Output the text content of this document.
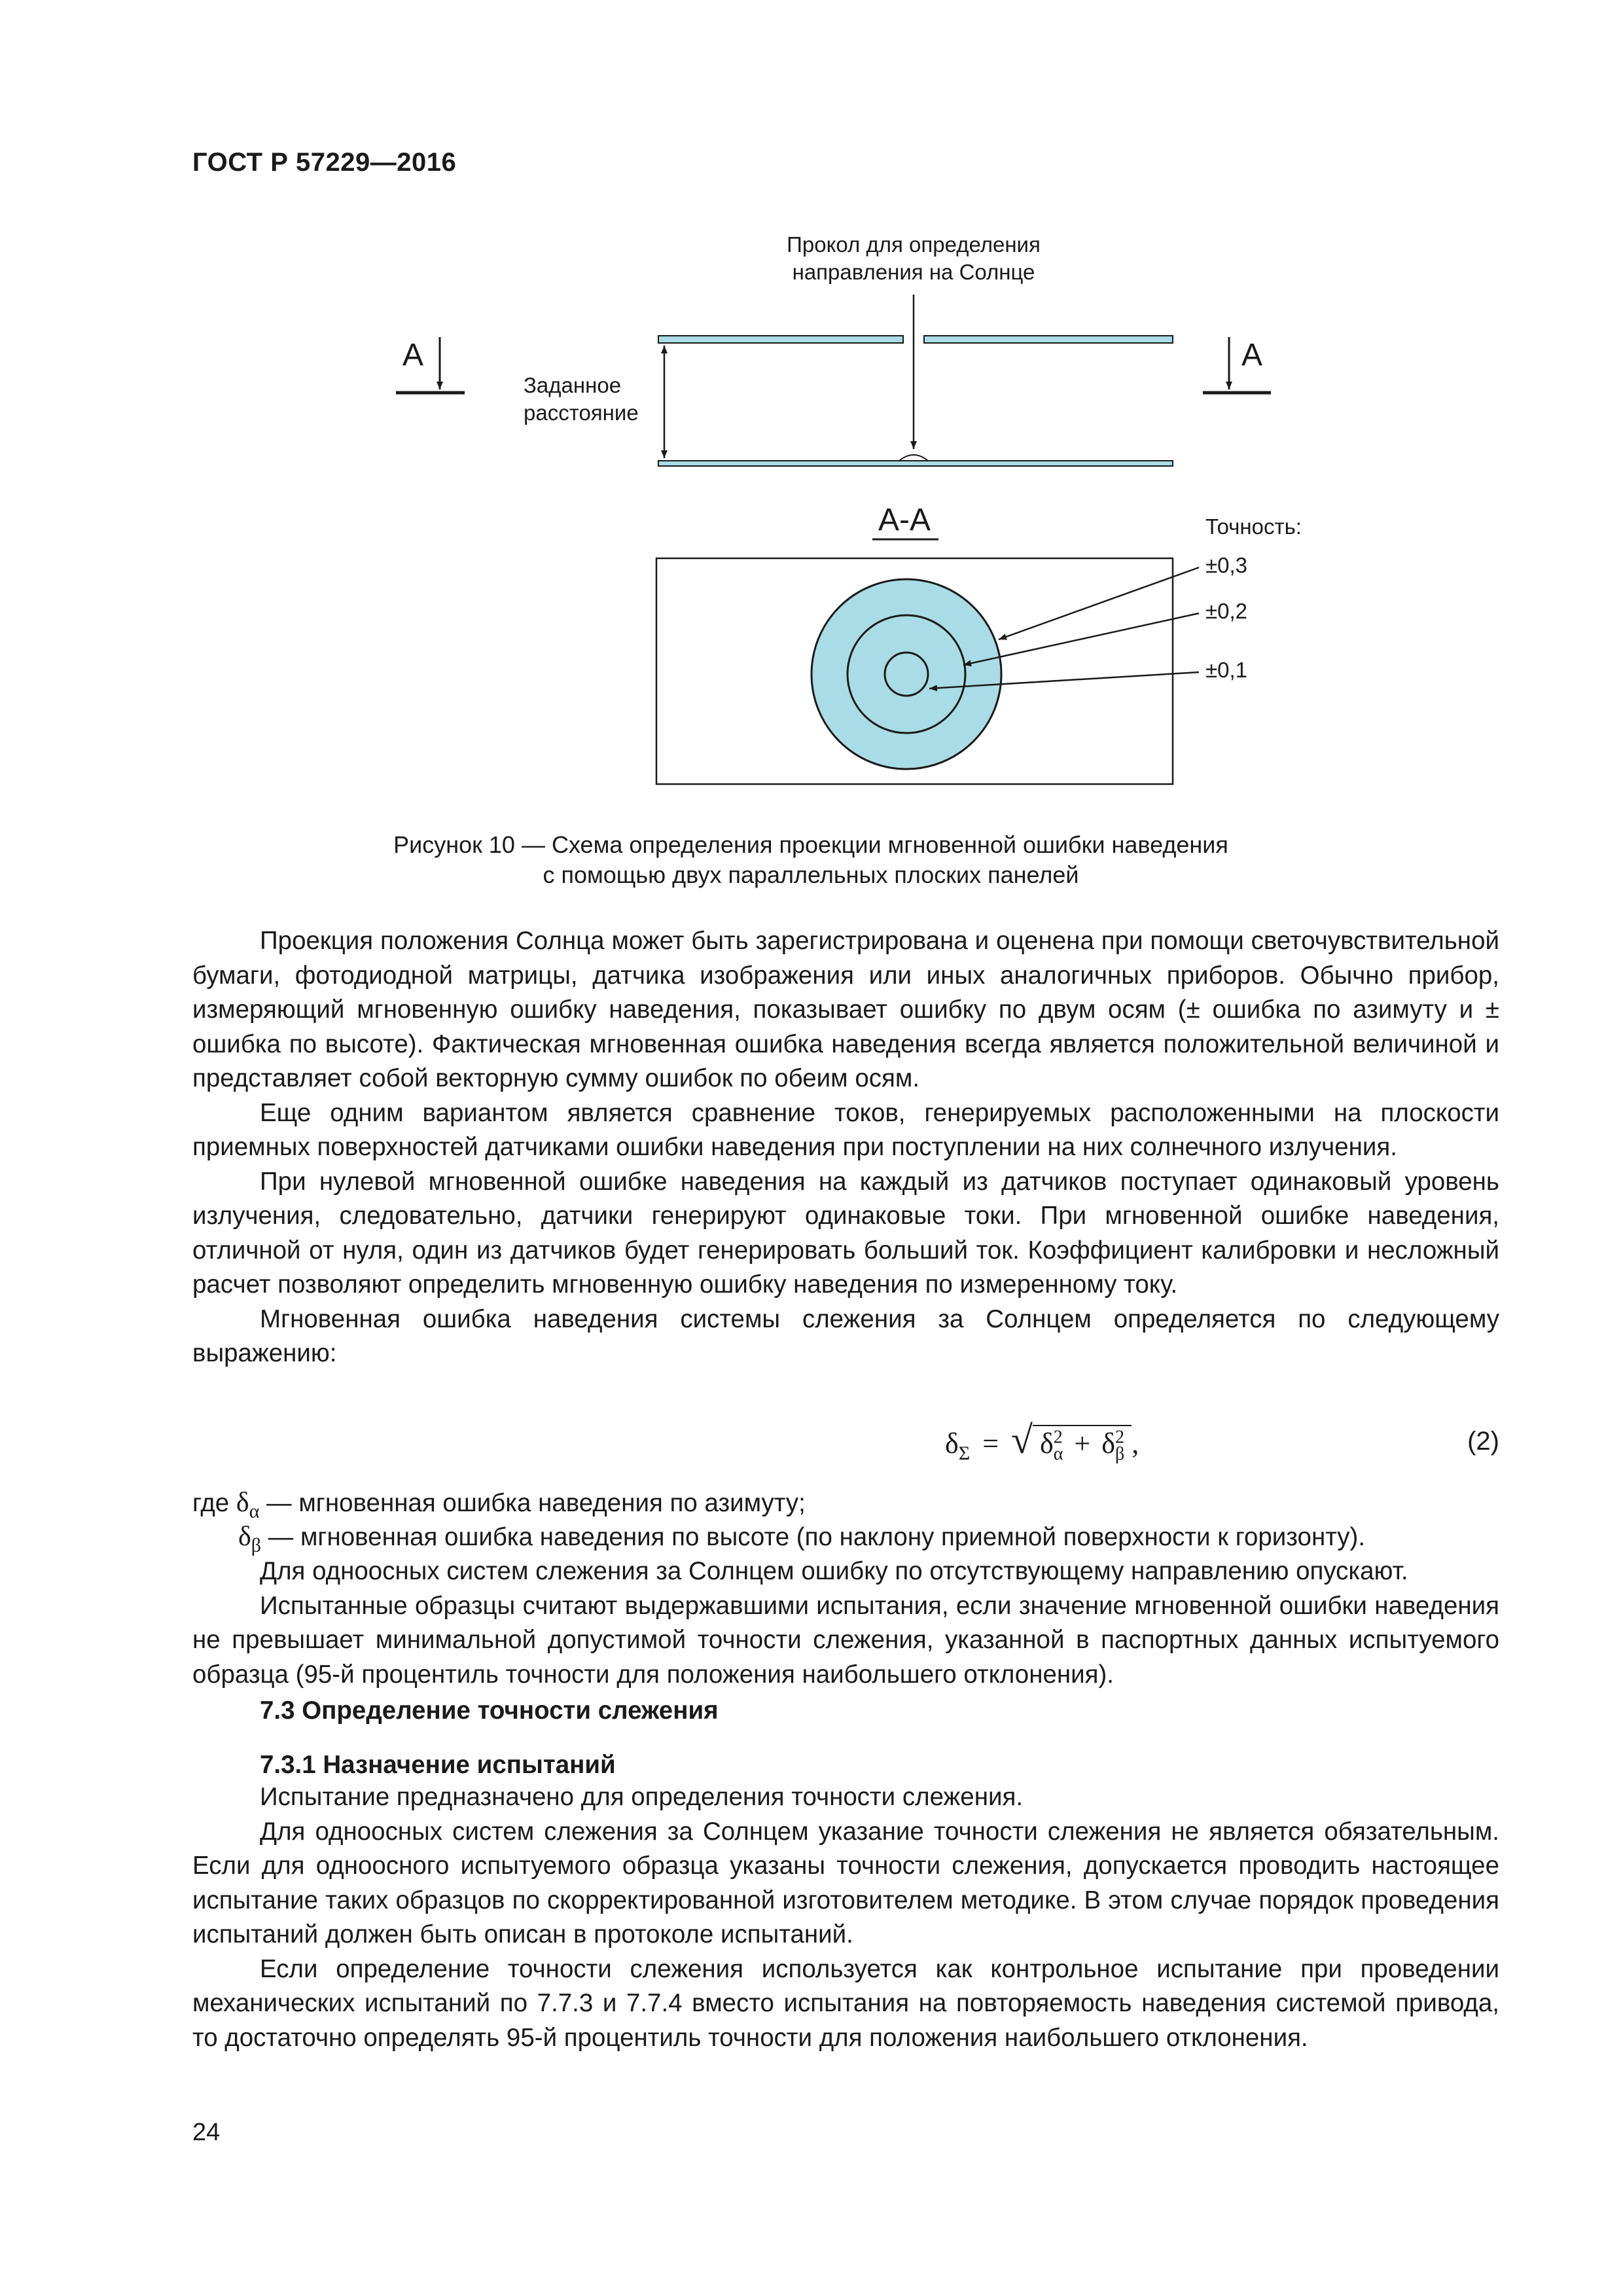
ГОСТ Р 57229—2016
Прокол для определения
направления на Солнце
Заданное
расстояние
А	А
А-А	Точность:
±0,3
±0,2
±0,1
Рисунок 10 — Схема определения проекции мгновенной ошибки наведения
с помощью двух параллельных плоских панелей

Проекция положения Солнца может быть зарегистрирована и оценена при помощи светочувствительной бумаги, фотодиодной матрицы, датчика изображения или иных аналогичных приборов. Обычно прибор, измеряющий мгновенную ошибку наведения, показывает ошибку по двум осям (± ошибка по азимуту и ± ошибка по высоте). Фактическая мгновенная ошибка наведения всегда является положительной величиной и представляет собой векторную сумму ошибок по обеим осям.

Еще одним вариантом является сравнение токов, генерируемых расположенными на плоскости приемных поверхностей датчиками ошибки наведения при поступлении на них солнечного излучения.

При нулевой мгновенной ошибке наведения на каждый из датчиков поступает одинаковый уровень излучения, следовательно, датчики генерируют одинаковые токи. При мгновенной ошибке наведения, отличной от нуля, один из датчиков будет генерировать больший ток. Коэффициент калибровки и несложный расчет позволяют определить мгновенную ошибку наведения по измеренному току.

Мгновенная ошибка наведения системы слежения за Солнцем определяется по следующему выражению:

$\delta_\Sigma$ = √ $\delta^2_\alpha + \delta^2_\beta$ ,	(2)
где $\delta_\alpha$ — мгновенная ошибка наведения по азимуту;
$\delta_\beta$ — мгновенная ошибка наведения по высоте (по наклону приемной поверхности к горизонту).

Для одноосных систем слежения за Солнцем ошибку по отсутствующему направлению опускают.

Испытанные образцы считают выдержавшими испытания, если значение мгновенной ошибки наведения не превышает минимальной допустимой точности слежения, указанной в паспортных данных испытуемого образца (95-й процентиль точности для положения наибольшего отклонения).

7.3 Определение точности слежения
7.3.1 Назначение испытаний

Испытание предназначено для определения точности слежения.

Для одноосных систем слежения за Солнцем указание точности слежения не является обязательным. Если для одноосного испытуемого образца указаны точности слежения, допускается проводить настоящее испытание таких образцов по скорректированной изготовителем методике. В этом случае порядок проведения испытаний должен быть описан в протоколе испытаний.

Если определение точности слежения используется как контрольное испытание при проведении механических испытаний по 7.7.3 и 7.7.4 вместо испытания на повторяемость наведения системой привода, то достаточно определять 95-й процентиль точности для положения наибольшего отклонения.

24
